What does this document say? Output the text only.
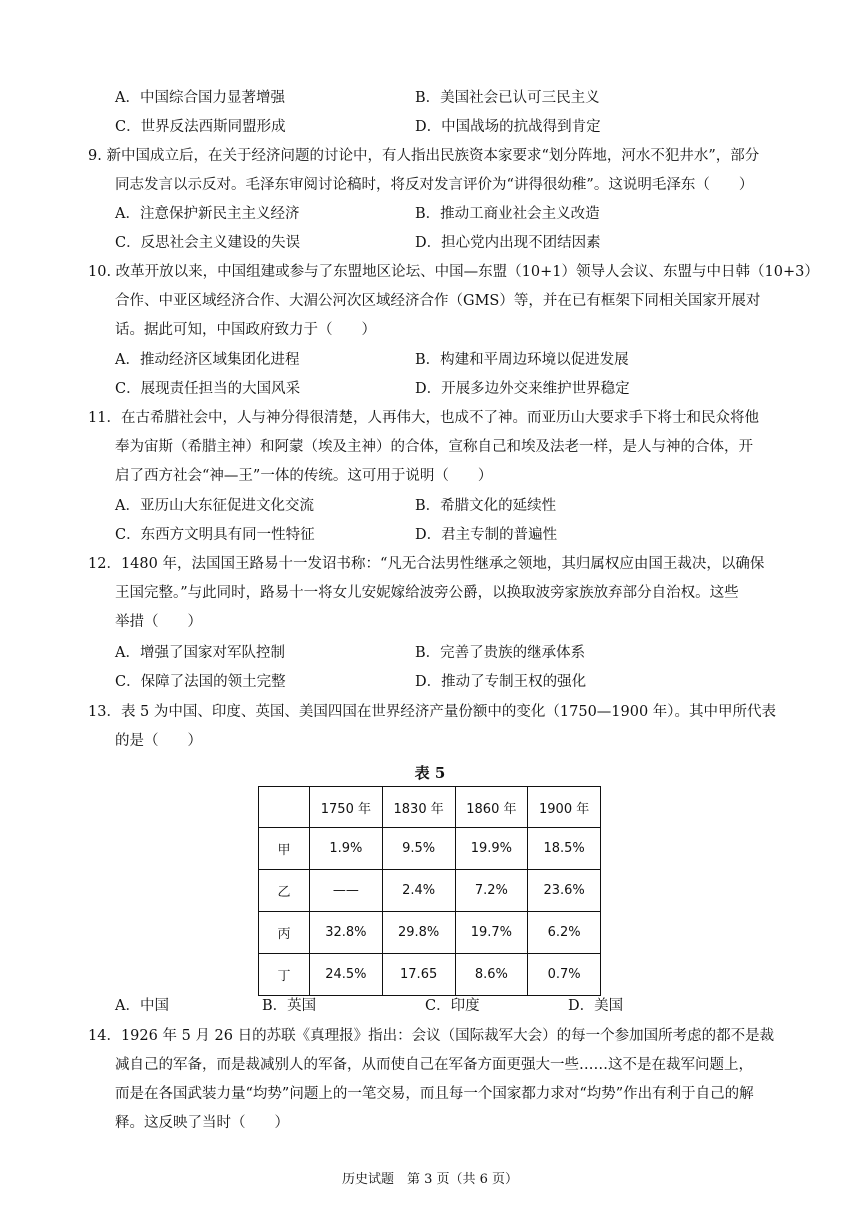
A．中国综合国力显著增强	B．美国社会已认可三民主义
C．世界反法西斯同盟形成	D．中国战场的抗战得到肯定
9. 新中国成立后，在关于经济问题的讨论中，有人指出民族资本家要求“划分阵地，河水不犯井水”，部分
同志发言以示反对。毛泽东审阅讨论稿时，将反对发言评价为“讲得很幼稚”。这说明毛泽东（　　）
A．注意保护新民主主义经济	B．推动工商业社会主义改造
C．反思社会主义建设的失误	D．担心党内出现不团结因素
10. 改革开放以来，中国组建或参与了东盟地区论坛、中国—东盟（10+1）领导人会议、东盟与中日韩（10+3）
合作、中亚区域经济合作、大湄公河次区域经济合作（GMS）等，并在已有框架下同相关国家开展对
话。据此可知，中国政府致力于（　　）
A．推动经济区域集团化进程	B．构建和平周边环境以促进发展
C．展现责任担当的大国风采	D．开展多边外交来维护世界稳定
11．在古希腊社会中，人与神分得很清楚，人再伟大，也成不了神。而亚历山大要求手下将士和民众将他
奉为宙斯（希腊主神）和阿蒙（埃及主神）的合体，宣称自己和埃及法老一样，是人与神的合体，开
启了西方社会“神—王”一体的传统。这可用于说明（　　）
A．亚历山大东征促进文化交流	B．希腊文化的延续性
C．东西方文明具有同一性特征	D．君主专制的普遍性
12．1480 年，法国国王路易十一发诏书称：“凡无合法男性继承之领地，其归属权应由国王裁决，以确保
王国完整。”与此同时，路易十一将女儿安妮嫁给波旁公爵，以换取波旁家族放弃部分自治权。这些
举措（　　）
A．增强了国家对军队控制	B．完善了贵族的继承体系
C．保障了法国的领土完整	D．推动了专制王权的强化
13．表 5 为中国、印度、英国、美国四国在世界经济产量份额中的变化（1750—1900 年）。其中甲所代表
的是（　　）
表 5
	1750 年	1830 年	1860 年	1900 年
甲	1.9%	9.5%	19.9%	18.5%
乙	——	2.4%	7.2%	23.6%
丙	32.8%	29.8%	19.7%	6.2%
丁	24.5%	17.65	8.6%	0.7%
A．中国	B．英国	C．印度	D．美国
14．1926 年 5 月 26 日的苏联《真理报》指出：会议（国际裁军大会）的每一个参加国所考虑的都不是裁
减自己的军备，而是裁减别人的军备，从而使自己在军备方面更强大一些……这不是在裁军问题上，
而是在各国武装力量“均势”问题上的一笔交易，而且每一个国家都力求对“均势”作出有利于自己的解
释。这反映了当时（　　）
历史试题　第 3 页（共 6 页）
